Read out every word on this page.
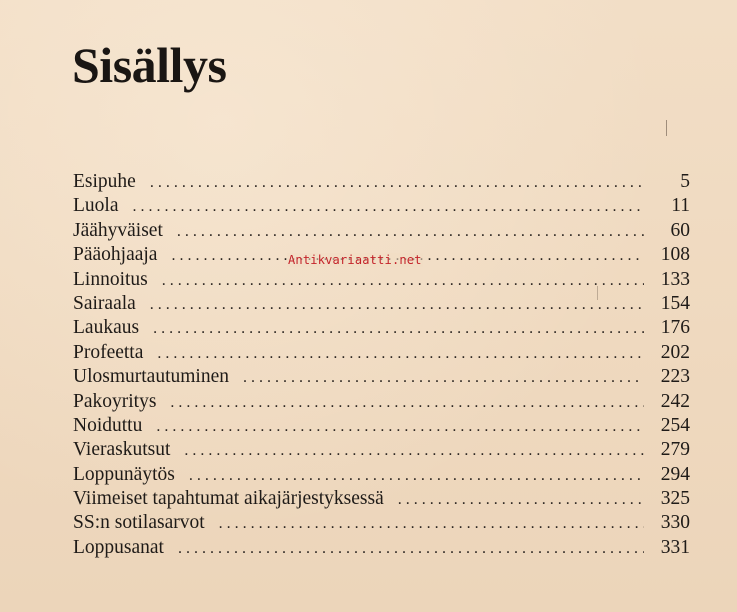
Sisällys
Esipuhe . . .	5
Luola . . .	11
Jäähyväiset . . .	60
Pääohjaaja . . .	108
Linnoitus . . .	133
Sairaala . . .	154
Laukaus . . .	176
Profeetta . . .	202
Ulosmurtautuminen . . .	223
Pakoyritys . . .	242
Noiduttu . . .	254
Vieraskutsut . . .	279
Loppunäytös . . .	294
Viimeiset tapahtumat aikajärjestyksessä . . .	325
SS:n sotilasarvot . . .	330
Loppusanat . . .	331
Antikvariaatti.net
